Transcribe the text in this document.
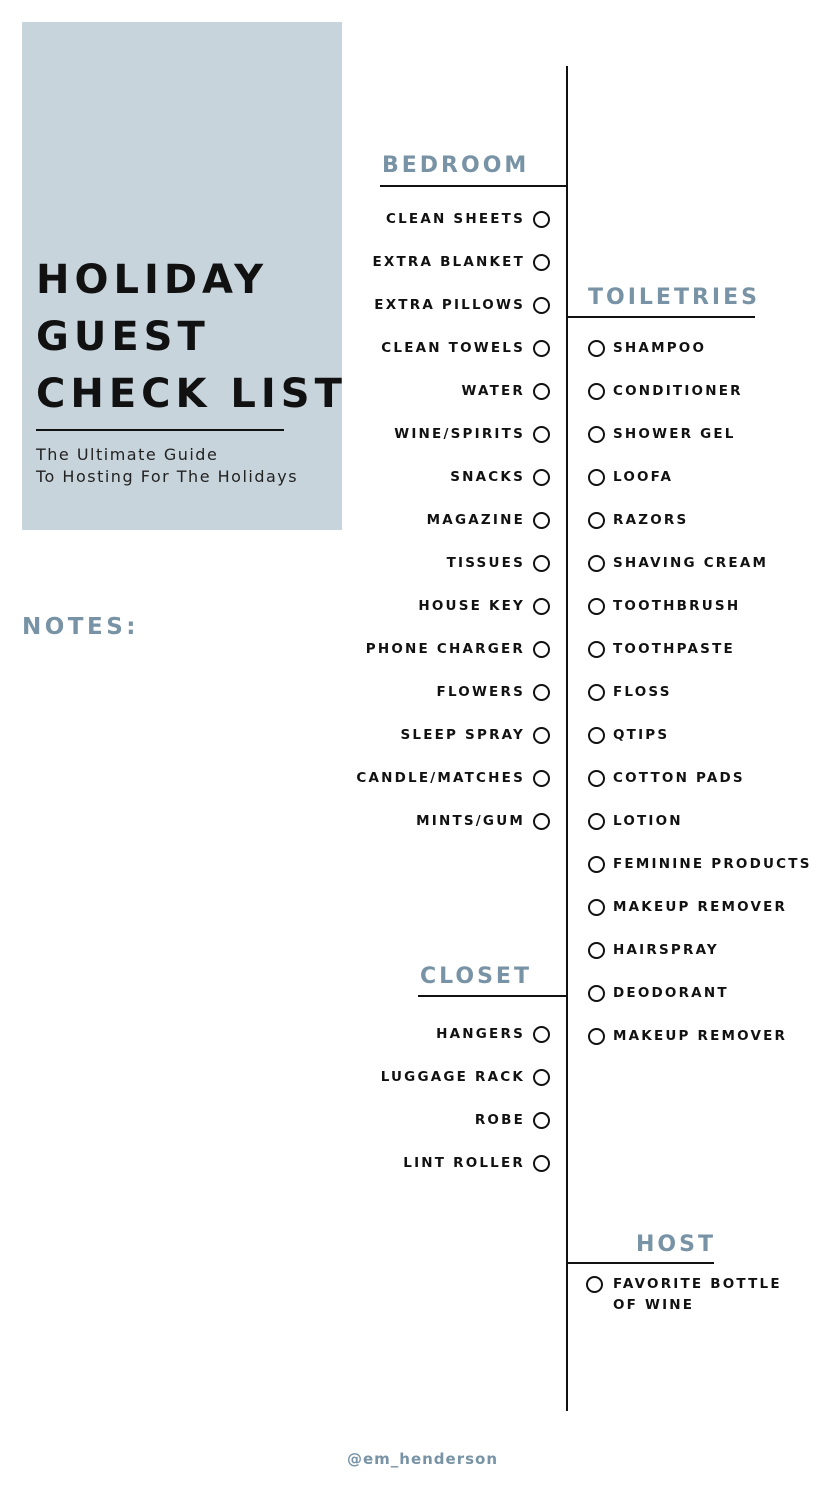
HOLIDAY
GUEST
CHECK LIST
The Ultimate Guide
To Hosting For The Holidays
NOTES:
BEDROOM
TOILETRIES
CLOSET
HOST
CLEAN SHEETS
EXTRA BLANKET
EXTRA PILLOWS
CLEAN TOWELS
WATER
WINE/SPIRITS
SNACKS
MAGAZINE
TISSUES
HOUSE KEY
PHONE CHARGER
FLOWERS
SLEEP SPRAY
CANDLE/MATCHES
MINTS/GUM
SHAMPOO
CONDITIONER
SHOWER GEL
LOOFA
RAZORS
SHAVING CREAM
TOOTHBRUSH
TOOTHPASTE
FLOSS
QTIPS
COTTON PADS
LOTION
FEMININE PRODUCTS
MAKEUP REMOVER
HAIRSPRAY
DEODORANT
MAKEUP REMOVER
HANGERS
LUGGAGE RACK
ROBE
LINT ROLLER
FAVORITE BOTTLE OF WINE
@em_henderson
